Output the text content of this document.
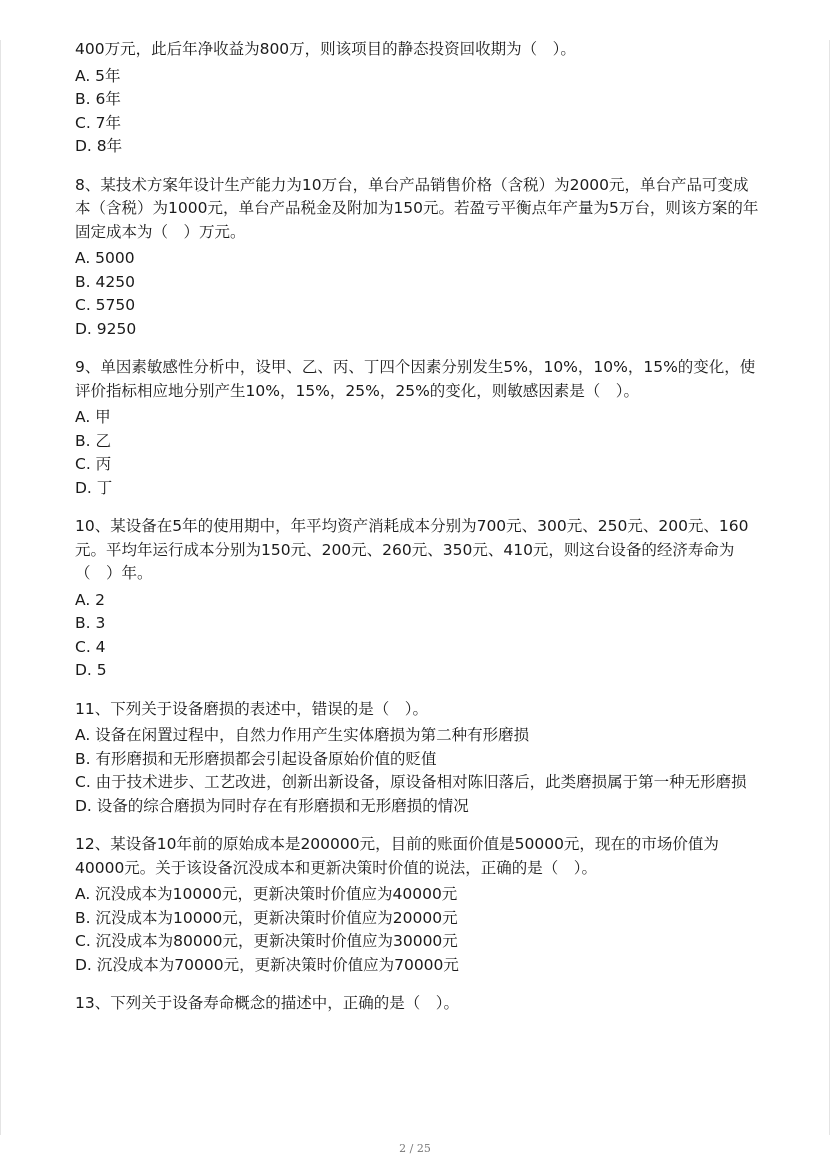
400万元，此后年净收益为800万，则该项目的静态投资回收期为（　）。

A. 5年
B. 6年
C. 7年
D. 8年

8、某技术方案年设计生产能力为10万台，单台产品销售价格（含税）为2000元，单台产品可变成本（含税）为1000元，单台产品税金及附加为150元。若盈亏平衡点年产量为5万台，则该方案的年固定成本为（　）万元。

A. 5000
B. 4250
C. 5750
D. 9250

9、单因素敏感性分析中，设甲、乙、丙、丁四个因素分别发生5%，10%，10%，15%的变化，使评价指标相应地分别产生10%，15%，25%，25%的变化，则敏感因素是（　）。

A. 甲
B. 乙
C. 丙
D. 丁

10、某设备在5年的使用期中，年平均资产消耗成本分别为700元、300元、250元、200元、160元。平均年运行成本分别为150元、200元、260元、350元、410元，则这台设备的经济寿命为（　）年。

A. 2
B. 3
C. 4
D. 5

11、下列关于设备磨损的表述中，错误的是（　）。

A. 设备在闲置过程中，自然力作用产生实体磨损为第二种有形磨损
B. 有形磨损和无形磨损都会引起设备原始价值的贬值
C. 由于技术进步、工艺改进，创新出新设备，原设备相对陈旧落后，此类磨损属于第一种无形磨损
D. 设备的综合磨损为同时存在有形磨损和无形磨损的情况

12、某设备10年前的原始成本是200000元，目前的账面价值是50000元，现在的市场价值为40000元。关于该设备沉没成本和更新决策时价值的说法，正确的是（　）。

A. 沉没成本为10000元，更新决策时价值应为40000元
B. 沉没成本为10000元，更新决策时价值应为20000元
C. 沉没成本为80000元，更新决策时价值应为30000元
D. 沉没成本为70000元，更新决策时价值应为70000元

13、下列关于设备寿命概念的描述中，正确的是（　）。

2 / 25
